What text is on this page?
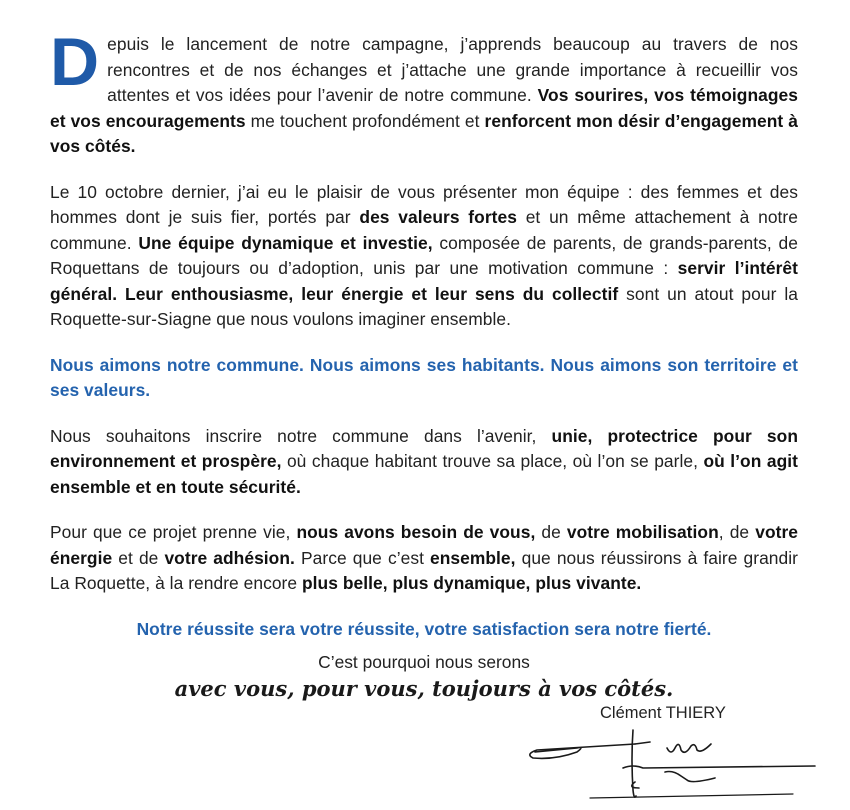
Depuis le lancement de notre campagne, j’apprends beaucoup au travers de nos rencontres et de nos échanges et j’attache une grande importance à recueillir vos attentes et vos idées pour l’avenir de notre commune. Vos sourires, vos témoignages et vos encouragements me touchent profondément et renforcent mon désir d’engagement à vos côtés.

Le 10 octobre dernier, j’ai eu le plaisir de vous présenter mon équipe : des femmes et des hommes dont je suis fier, portés par des valeurs fortes et un même attachement à notre commune. Une équipe dynamique et investie, composée de parents, de grands-parents, de Roquettans de toujours ou d’adoption, unis par une motivation commune : servir l’intérêt général. Leur enthousiasme, leur énergie et leur sens du collectif sont un atout pour la Roquette-sur-Siagne que nous voulons imaginer ensemble.

Nous aimons notre commune. Nous aimons ses habitants. Nous aimons son territoire et ses valeurs.

Nous souhaitons inscrire notre commune dans l’avenir, unie, protectrice pour son environnement et prospère, où chaque habitant trouve sa place, où l’on se parle, où l’on agit ensemble et en toute sécurité.

Pour que ce projet prenne vie, nous avons besoin de vous, de votre mobilisation, de votre énergie et de votre adhésion. Parce que c’est ensemble, que nous réussirons à faire grandir La Roquette, à la rendre encore plus belle, plus dynamique, plus vivante.

Notre réussite sera votre réussite, votre satisfaction sera notre fierté.

C’est pourquoi nous serons

avec vous, pour vous, toujours à vos côtés.

Clément THIERY
